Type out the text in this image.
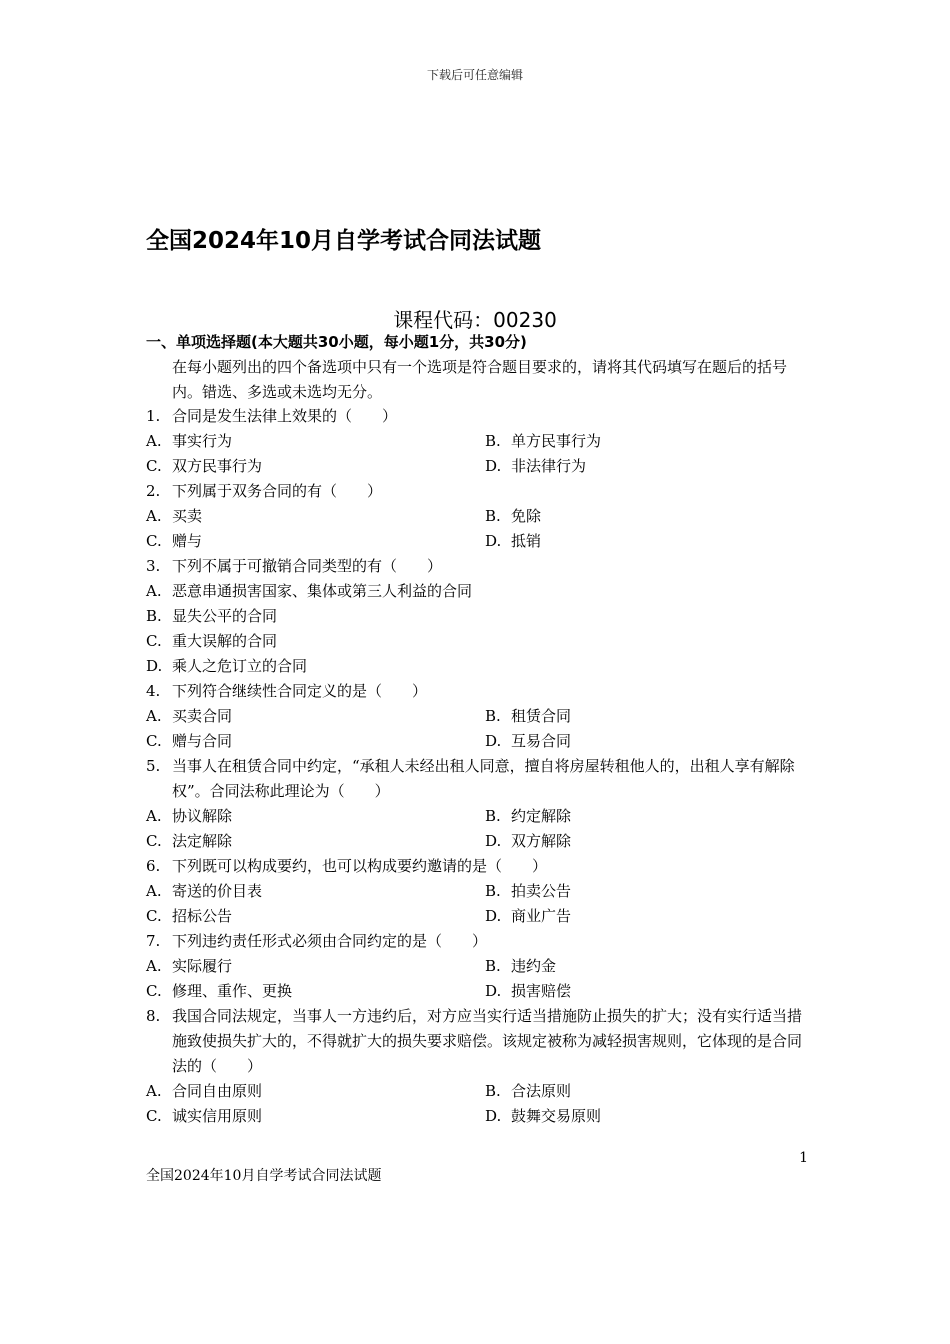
下载后可任意编辑
全国2024年10月自学考试合同法试题
课程代码：00230
一、单项选择题(本大题共30小题，每小题1分，共30分)
在每小题列出的四个备选项中只有一个选项是符合题目要求的，请将其代码填写在题后的括号内。错选、多选或未选均无分。
1. 合同是发生法律上效果的（　　）
A. 事实行为	B. 单方民事行为
C. 双方民事行为	D. 非法律行为
2. 下列属于双务合同的有（　　）
A. 买卖	B. 免除
C. 赠与	D. 抵销
3. 下列不属于可撤销合同类型的有（　　）
A. 恶意串通损害国家、集体或第三人利益的合同
B. 显失公平的合同
C. 重大误解的合同
D. 乘人之危订立的合同
4. 下列符合继续性合同定义的是（　　）
A. 买卖合同	B. 租赁合同
C. 赠与合同	D. 互易合同
5. 当事人在租赁合同中约定，“承租人未经出租人同意，擅自将房屋转租他人的，出租人享有解除权”。合同法称此理论为（　　）
A. 协议解除	B. 约定解除
C. 法定解除	D. 双方解除
6. 下列既可以构成要约，也可以构成要约邀请的是（　　）
A. 寄送的价目表	B. 拍卖公告
C. 招标公告	D. 商业广告
7. 下列违约责任形式必须由合同约定的是（　　）
A. 实际履行	B. 违约金
C. 修理、重作、更换	D. 损害赔偿
8. 我国合同法规定，当事人一方违约后，对方应当实行适当措施防止损失的扩大；没有实行适当措施致使损失扩大的，不得就扩大的损失要求赔偿。该规定被称为减轻损害规则，它体现的是合同法的（　　）
A. 合同自由原则	B. 合法原则
C. 诚实信用原则	D. 鼓舞交易原则
1
全国2024年10月自学考试合同法试题
